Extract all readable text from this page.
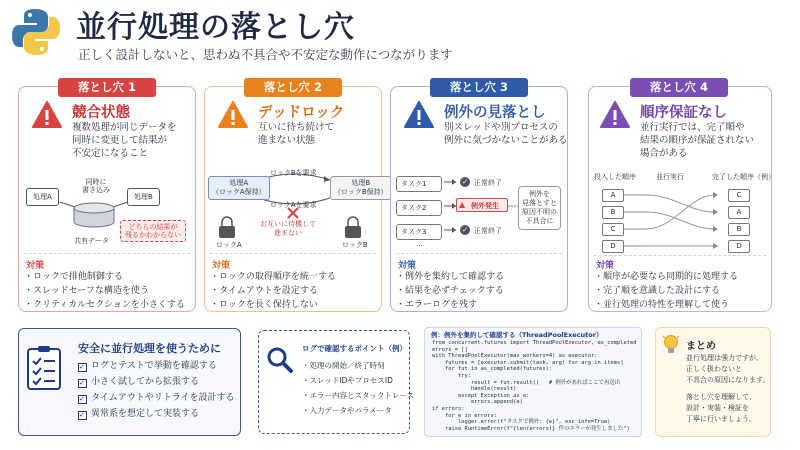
並行処理の落とし穴
正しく設計しないと、思わぬ不具合や不安定な動作につながります
落とし穴 1
競合状態
複数処理が同じデータを
同時に変更して結果が
不安定になること
処理A	処理B
同時に
書き込み
共有データ
どちらの結果が
残るかわからない
対策
・ ロックで排他制御する
・ スレッドセーフな構造を使う
・ クリティカルセクションを小さくする
落とし穴 2
デッドロック
互いに待ち続けて
進まない状態
処理A
（ロックA保持）
処理B
（ロックB保持）
ロックBを要求
ロックAを要求
お互いに待機して
進まない
ロックA	ロックB
対策
・ ロックの取得順序を統一する
・ タイムアウトを設定する
・ ロックを長く保持しない
落とし穴 3
例外の見落とし
別スレッドや別プロセスの
例外に気づかないことがある
タスク1
タスク2
タスク3
✓ 正常終了
▲ 例外発生
✓ 正常終了
…
例外を
見落とすと
原因不明の
不具合に
対策
・ 例外を集約して確認する
・ 結果を必ずチェックする
・ エラーログを残す
落とし穴 4
順序保証なし
並行実行では、完了順や
結果の順序が保証されない
場合がある
投入した順序	並行実行	完了した順序（例）
A
B
C
D
C
A
B
D
対策
・ 順序が必要なら同期的に処理する
・ 完了順を意識した設計にする
・ 並行処理の特性を理解して使う
安全に並行処理を使うために
✓ ログとテストで挙動を確認する
✓ 小さく試してから拡張する
✓ タイムアウトやリトライを設計する
✓ 異常系を想定して実装する
ログで確認するポイント（例）
・処理の開始／終了時刻
・スレッドIDやプロセスID
・エラー内容とスタックトレース
・入力データやパラメータ
例：例外を集約して確認する（ThreadPoolExecutor）
from concurrent.futures import ThreadPoolExecutor, as_completed
errors = []
with ThreadPoolExecutor(max_workers=4) as executor:
futures = [executor.submit(task, arg) for arg in items]
for fut in as_completed(futures):
try:
result = fut.result()   # 例外があればここで再送出
handle(result)
except Exception as e:
errors.append(e)
if errors:
for e in errors:
logger.error(f"タスクで例外: {e}", exc_info=True)
raise RuntimeError(f"{len(errors)} 件のエラーが発生しました")
まとめ
並行処理は強力ですが、
正しく扱わないと
不具合の原因になります。
落とし穴を理解して、
設計・実装・検証を
丁寧に行いましょう。
